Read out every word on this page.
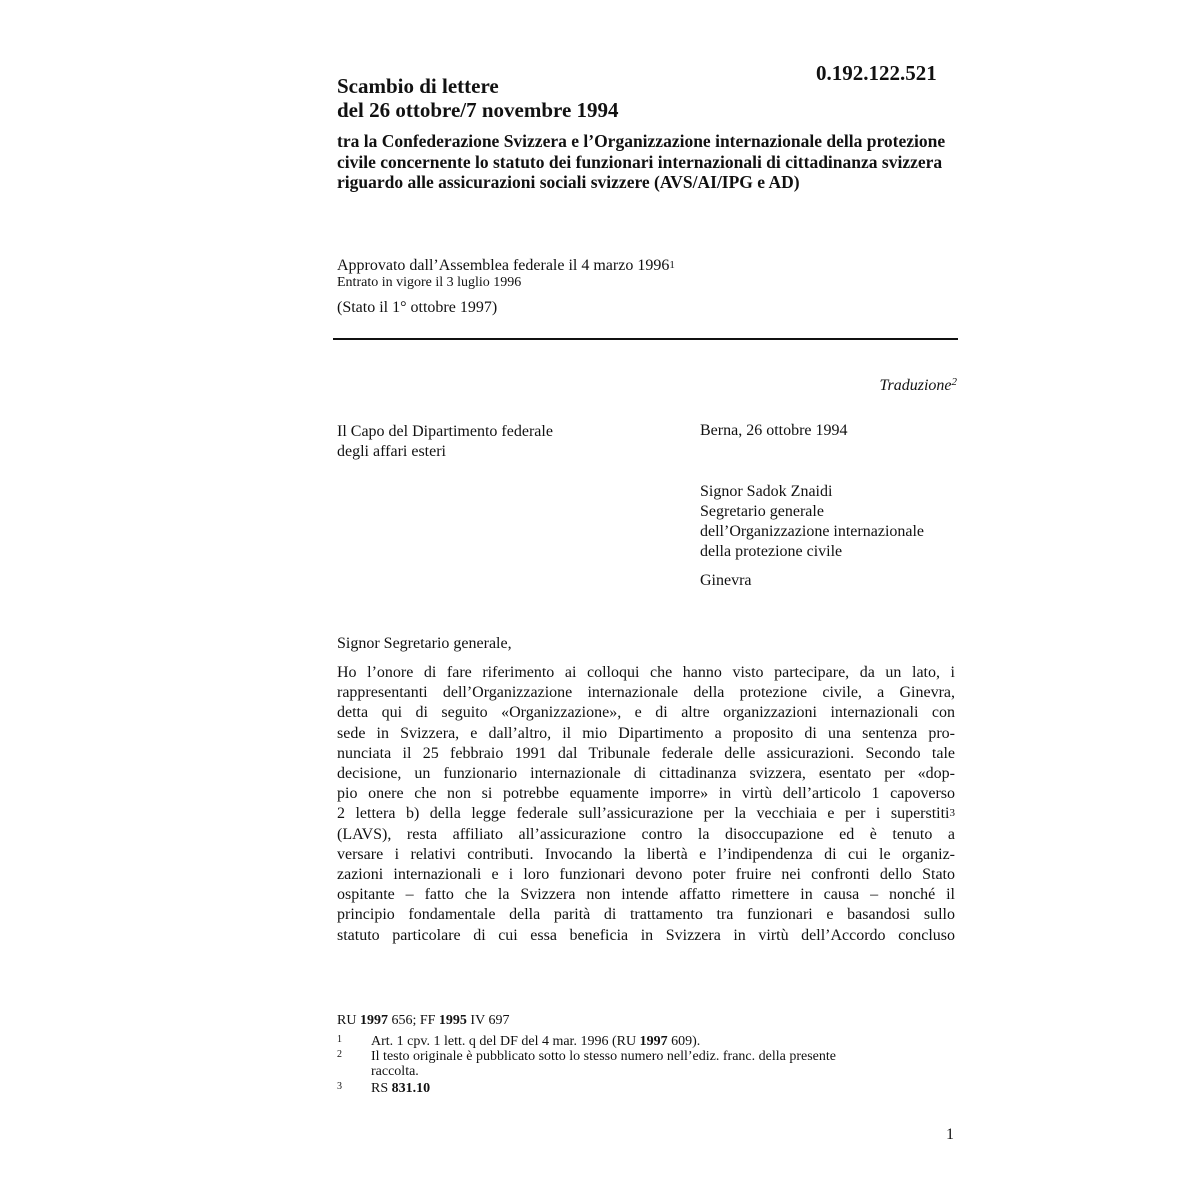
0.192.122.521
Scambio di lettere
del 26 ottobre/7 novembre 1994
tra la Confederazione Svizzera e l’Organizzazione internazionale della protezione civile concernente lo statuto dei funzionari internazionali di cittadinanza svizzera riguardo alle assicurazioni sociali svizzere (AVS/AI/IPG e AD)
Approvato dall’Assemblea federale il 4 marzo 1996$^1$
Entrato in vigore il 3 luglio 1996
(Stato il 1° ottobre 1997)
Traduzione$^2$
Il Capo del Dipartimento federale
degli affari esteri
Berna, 26 ottobre 1994
Signor Sadok Znaidi
Segretario generale
dell’Organizzazione internazionale
della protezione civile
Ginevra
Signor Segretario generale,
Ho l’onore di fare riferimento ai colloqui che hanno visto partecipare, da un lato, i
rappresentanti dell’Organizzazione internazionale della protezione civile, a Ginevra,
detta qui di seguito «Organizzazione», e di altre organizzazioni internazionali con
sede in Svizzera, e dall’altro, il mio Dipartimento a proposito di una sentenza pro-
nunciata il 25 febbraio 1991 dal Tribunale federale delle assicurazioni. Secondo tale
decisione, un funzionario internazionale di cittadinanza svizzera, esentato per «dop-
pio onere che non si potrebbe equamente imporre» in virtù dell’articolo 1 capoverso
2 lettera b) della legge federale sull’assicurazione per la vecchiaia e per i superstiti$^3$
(LAVS), resta affiliato all’assicurazione contro la disoccupazione ed è tenuto a
versare i relativi contributi. Invocando la libertà e l’indipendenza di cui le organiz-
zazioni internazionali e i loro funzionari devono poter fruire nei confronti dello Stato
ospitante – fatto che la Svizzera non intende affatto rimettere in causa – nonché il
principio fondamentale della parità di trattamento tra funzionari e basandosi sullo
statuto particolare di cui essa beneficia in Svizzera in virtù dell’Accordo concluso
RU 1997 656; FF 1995 IV 697
1 Art. 1 cpv. 1 lett. q del DF del 4 mar. 1996 (RU 1997 609).
2 Il testo originale è pubblicato sotto lo stesso numero nell’ediz. franc. della presente
raccolta.
3 RS 831.10
1
